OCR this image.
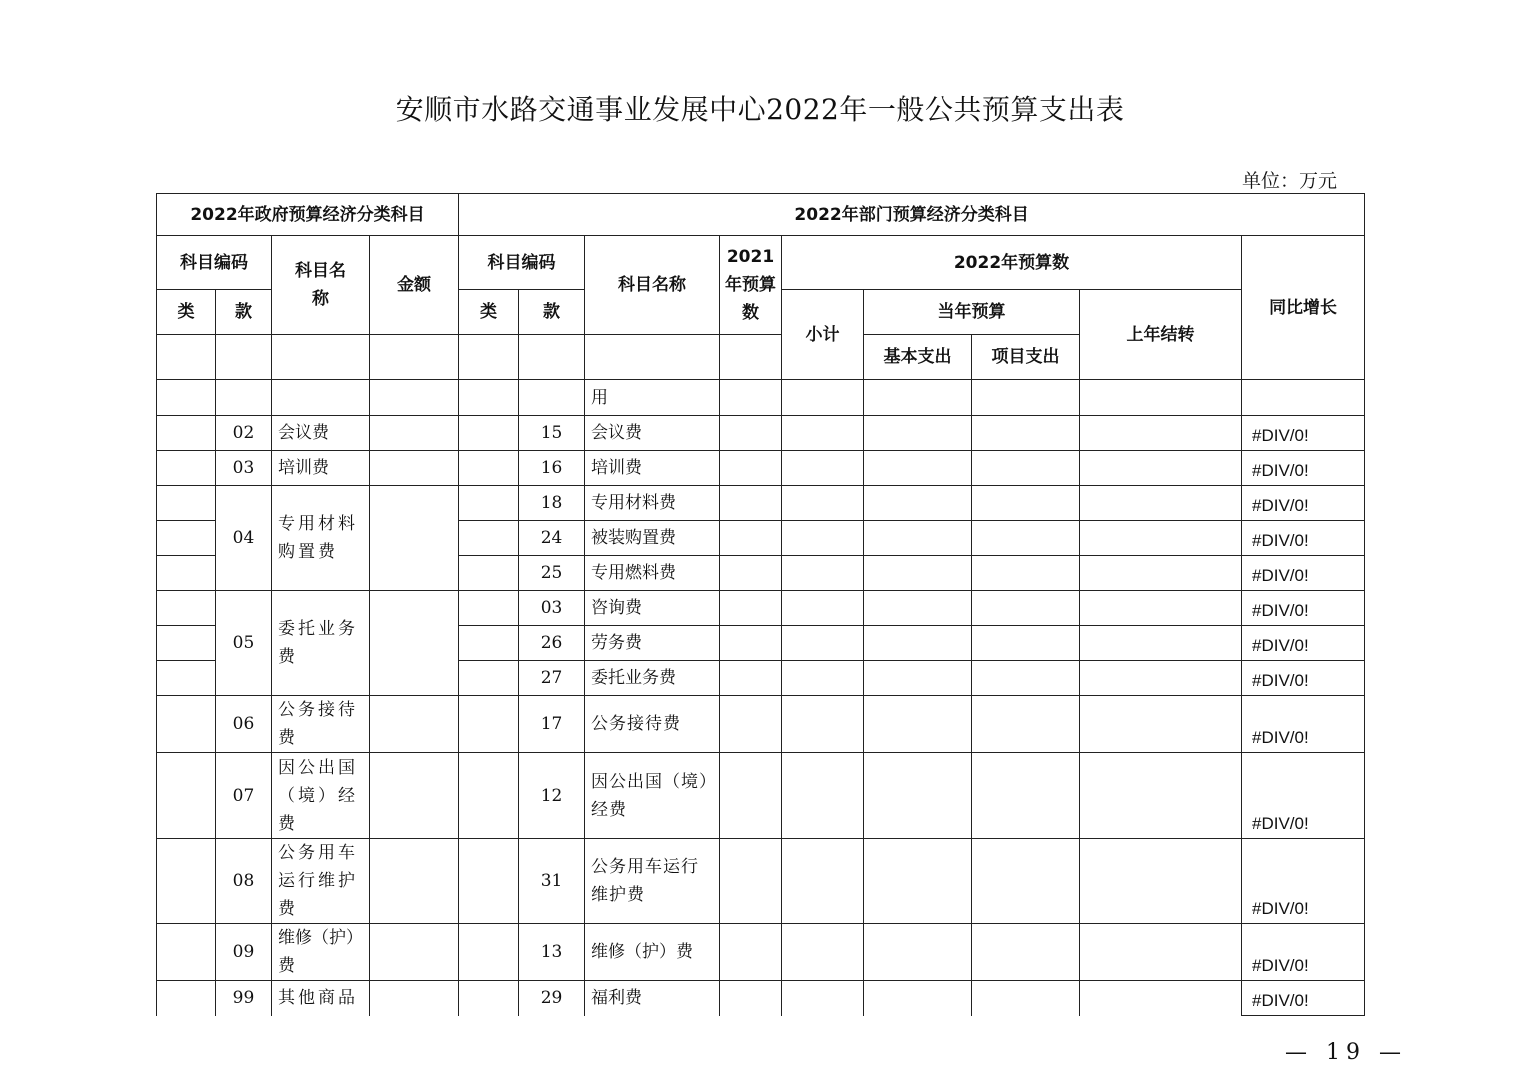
安顺市水路交通事业发展中心2022年一般公共预算支出表
单位：万元
2022年政府预算经济分类科目				2022年部门预算经济分类科目								
科目编码		科目名称	金额	科目编码		科目名称	2021年预算数	2022年预算数				同比增长
类	款			类	款			小计	当年预算		上年结转	
									基本支出	项目支出		
						用						
	02	会议费			15	会议费						#DIV/0!
	03	培训费			16	培训费						#DIV/0!
	04	专用材料购置费			18	专用材料费						#DIV/0!
					24	被装购置费						#DIV/0!
					25	专用燃料费						#DIV/0!
	05	委托业务费			03	咨询费						#DIV/0!
					26	劳务费						#DIV/0!
					27	委托业务费						#DIV/0!
	06	公务接待费			17	公务接待费						#DIV/0!
	07	因公出国（境）经费			12	因公出国（境）经费						#DIV/0!
	08	公务用车运行维护费			31	公务用车运行维护费						#DIV/0!
	09	维修（护）费			13	维修（护）费						#DIV/0!
	99	其他商品			29	福利费						#DIV/0!
— 19 —
